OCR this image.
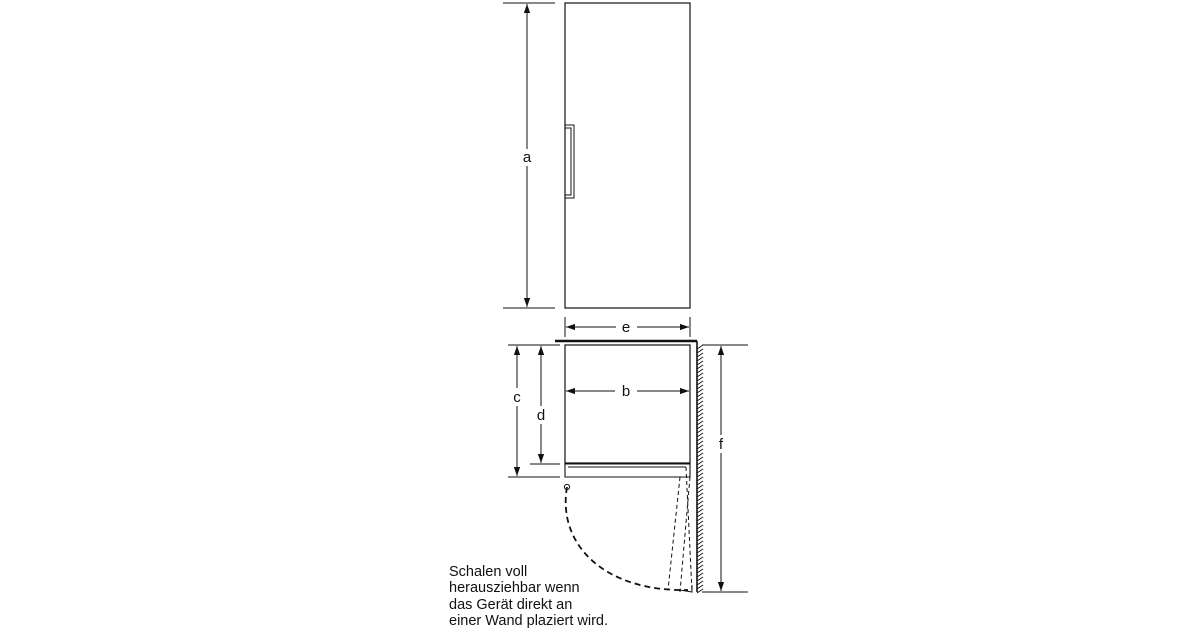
a
e
b
c
d
f
Schalen voll
herausziehbar wenn
das Gerät direkt an
einer Wand plaziert wird.
